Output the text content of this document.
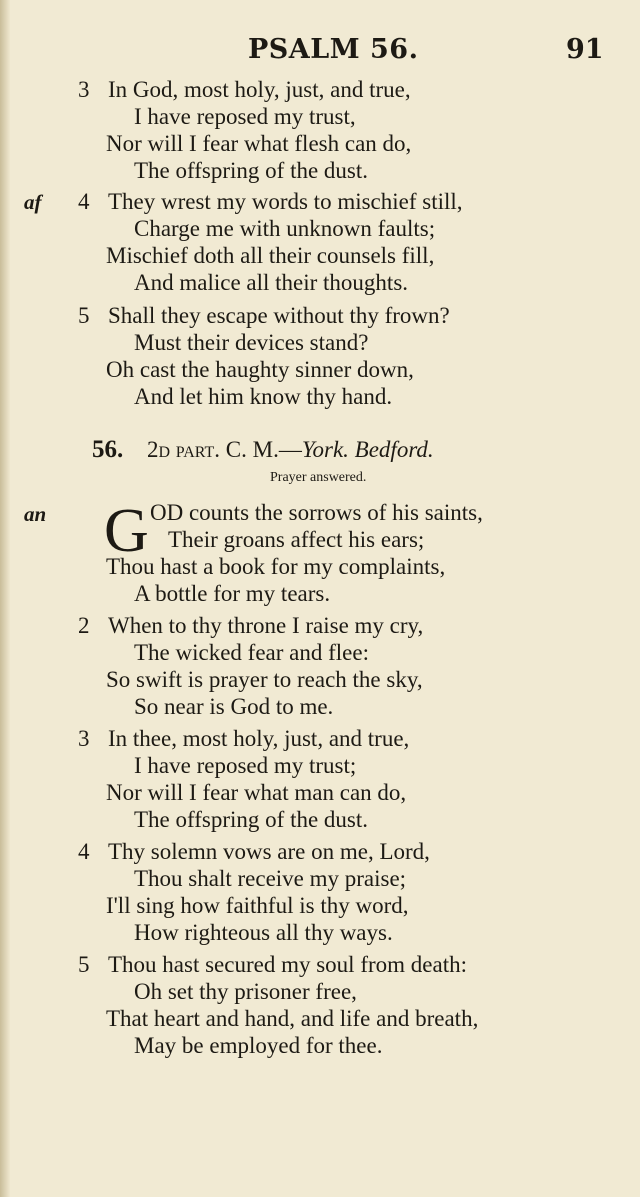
PSALM 56.	91
3 In God, most holy, just, and true,
I have reposed my trust,
Nor will I fear what flesh can do,
The offspring of the dust.
af 4 They wrest my words to mischief still,
Charge me with unknown faults;
Mischief doth all their counsels fill,
And malice all their thoughts.
5 Shall they escape without thy frown?
Must their devices stand?
Oh cast the haughty sinner down,
And let him know thy hand.
56. 2d part. C. M.—York. Bedford.
Prayer answered.
an G OD counts the sorrows of his saints,
Their groans affect his ears;
Thou hast a book for my complaints,
A bottle for my tears.
2 When to thy throne I raise my cry,
The wicked fear and flee:
So swift is prayer to reach the sky,
So near is God to me.
3 In thee, most holy, just, and true,
I have reposed my trust;
Nor will I fear what man can do,
The offspring of the dust.
4 Thy solemn vows are on me, Lord,
Thou shalt receive my praise;
I'll sing how faithful is thy word,
How righteous all thy ways.
5 Thou hast secured my soul from death:
Oh set thy prisoner free,
That heart and hand, and life and breath,
May be employed for thee.
